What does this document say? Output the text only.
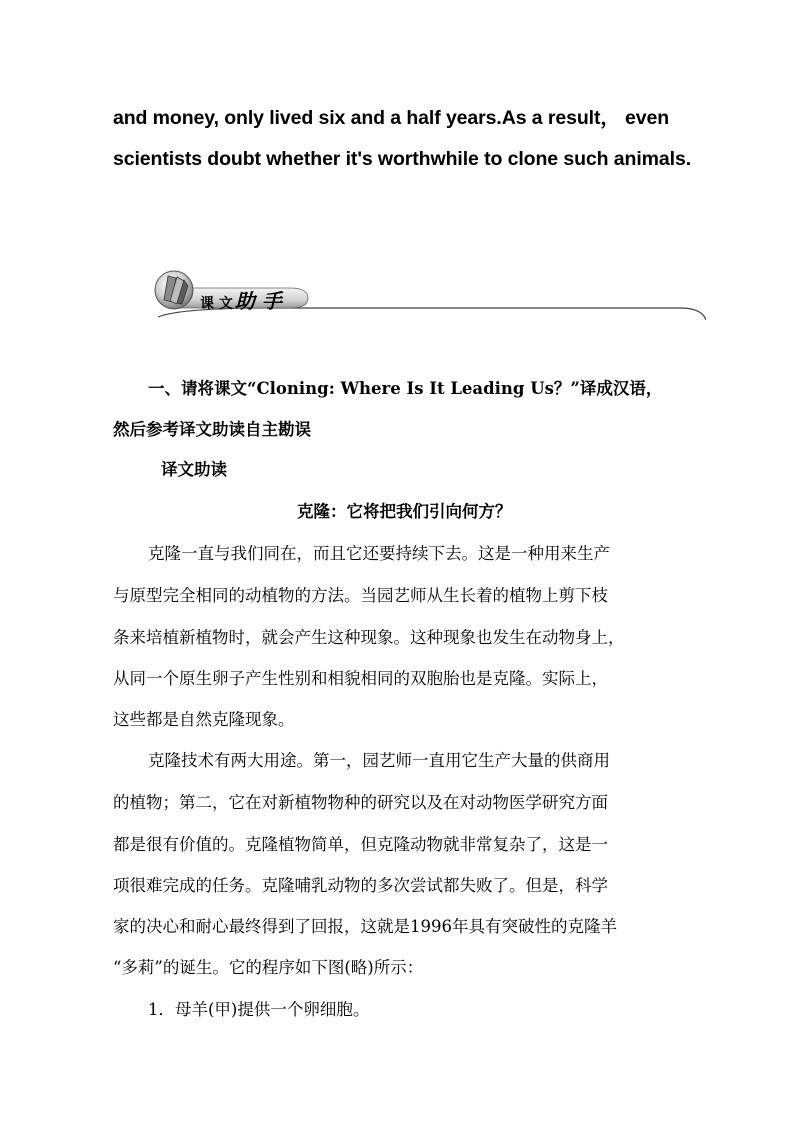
and money, only lived six and a half years.As a result， even
scientists doubt whether it's worthwhile to clone such animals.
课 文 助 手
一、请将课文“Cloning: Where Is It Leading Us？”译成汉语，
然后参考译文助读自主勘误
译文助读
克隆：它将把我们引向何方？
克隆一直与我们同在，而且它还要持续下去。这是一种用来生产
与原型完全相同的动植物的方法。当园艺师从生长着的植物上剪下枝
条来培植新植物时，就会产生这种现象。这种现象也发生在动物身上，
从同一个原生卵子产生性别和相貌相同的双胞胎也是克隆。实际上，
这些都是自然克隆现象。
克隆技术有两大用途。第一，园艺师一直用它生产大量的供商用
的植物；第二，它在对新植物物种的研究以及在对动物医学研究方面
都是很有价值的。克隆植物简单，但克隆动物就非常复杂了，这是一
项很难完成的任务。克隆哺乳动物的多次尝试都失败了。但是，科学
家的决心和耐心最终得到了回报，这就是1996年具有突破性的克隆羊
“多莉”的诞生。它的程序如下图(略)所示：
1．母羊(甲)提供一个卵细胞。
